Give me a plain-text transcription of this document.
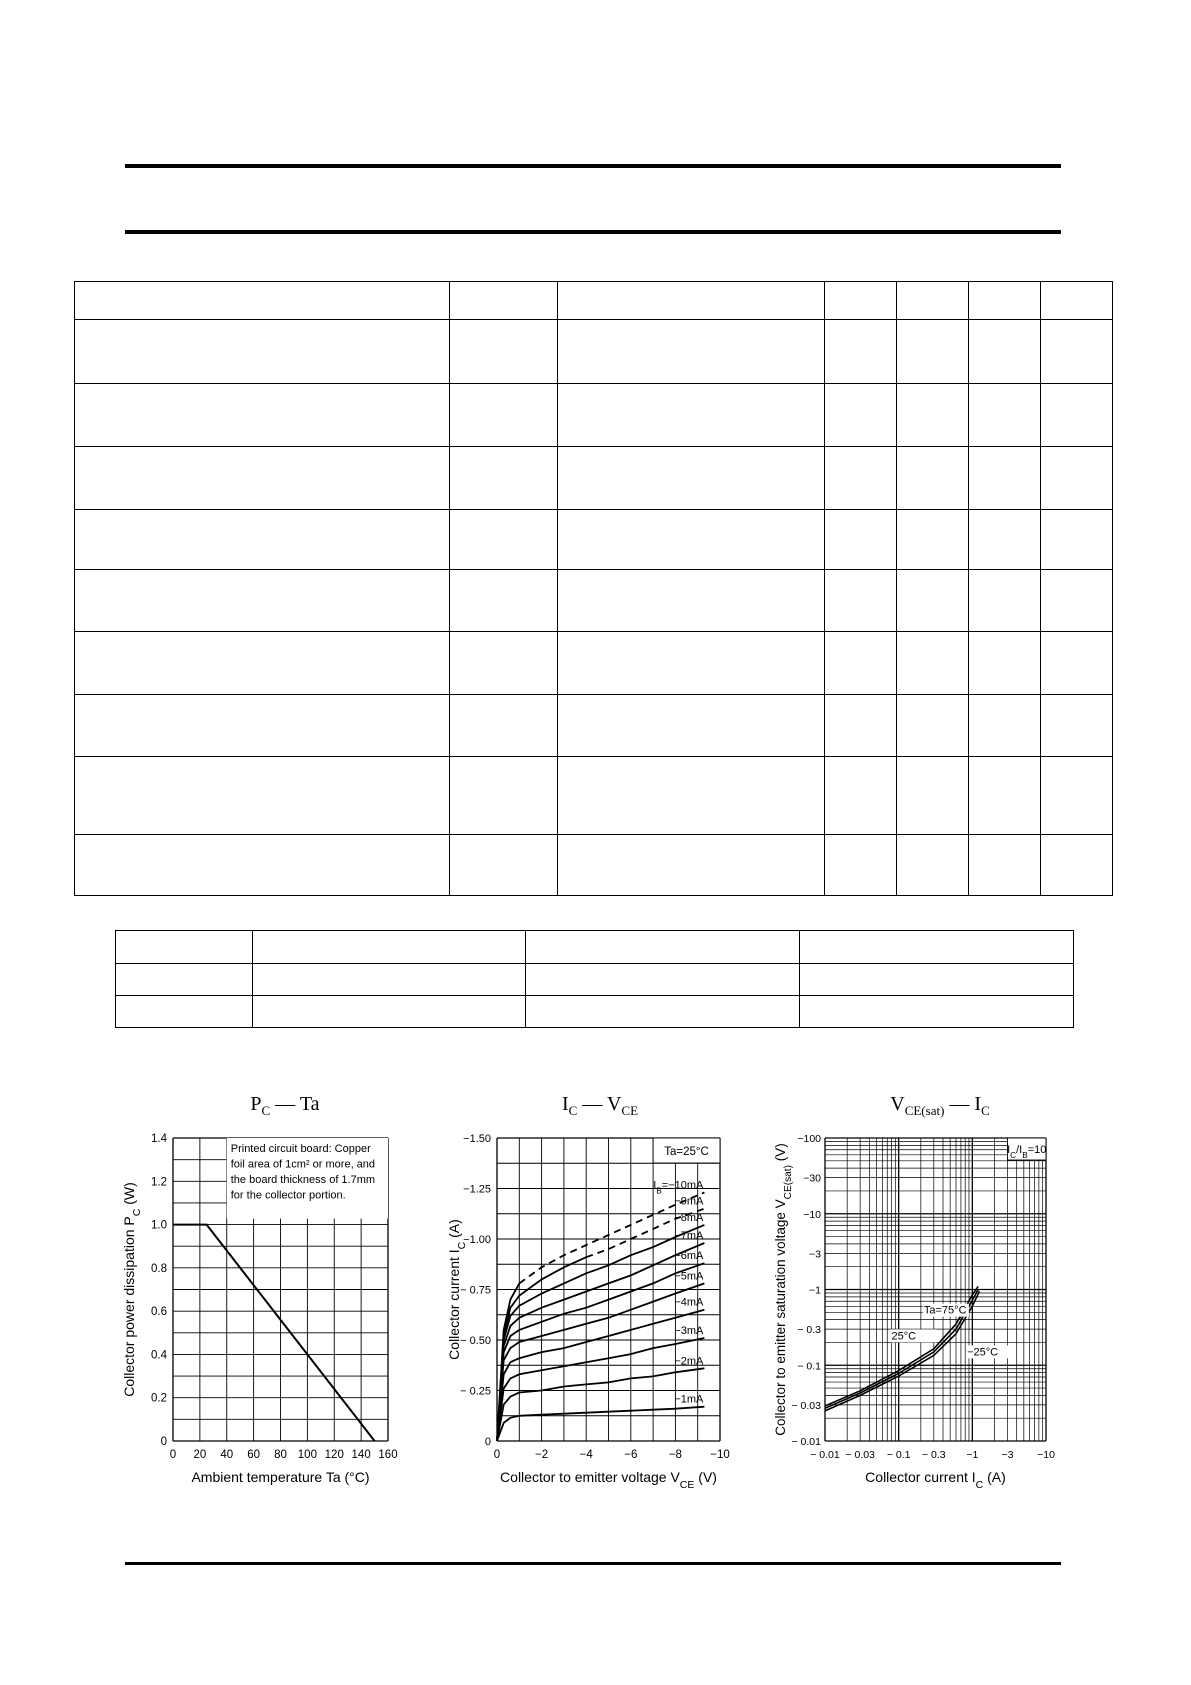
$P_C$ — Ta	$I_C$ — $V_{CE}$	$V_{CE(sat)}$ — $I_C$
Printed circuit board: Copper
foil area of 1cm² or more, and
the board thickness of 1.7mm
for the collector portion.
0 20 40 60 80 100 120 140 160
0
0.2
0.4
0.6
0.8
1.0
1.2
1.4
Ambient temperature Ta (°C)
Collector power dissipation $P_C$ (W)
Ta=25°C
$I_B=-10mA$
−9mA
−8mA
−7mA
−6mA
−5mA
−4mA
−3mA
−2mA
−1mA
0	−2	−4	−6	−8 −10
0
− 0.25
− 0.50
− 0.75
−1.00
−1.25
−1.50
Collector to emitter voltage $V_{CE}$ (V)
Collector current $I_C$ (A)
$I_C/I_B=10$
Ta=75°C
25°C
−25°C
− 0.01 − 0.03 − 0.1 − 0.3 −1 −3 −10
− 0.01
− 0.03
− 0.1
− 0.3
−1
−3
−10
−30
−100
Collector current $I_C$ (A)
Collector to emitter saturation voltage $V_{CE(sat)}$ (V)
